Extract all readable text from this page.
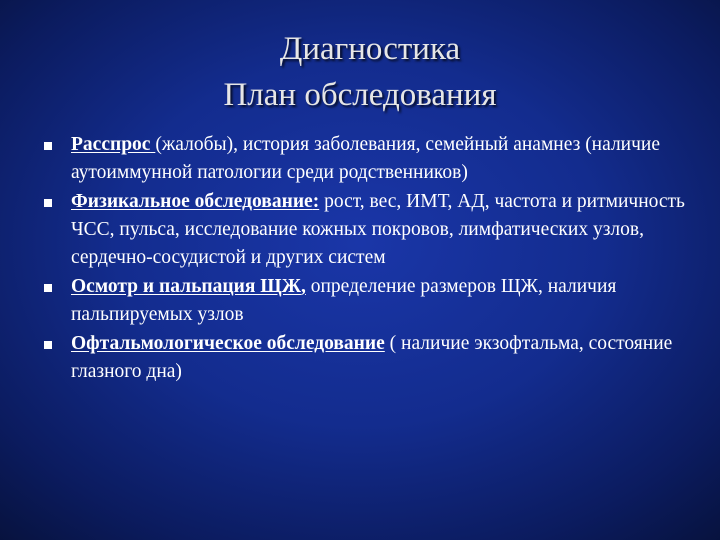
Диагностика
План обследования
Расспрос (жалобы), история заболевания, семейный анамнез (наличие аутоиммунной патологии среди родственников)
Физикальное обследование: рост, вес, ИМТ, АД, частота и ритмичность ЧСС, пульса, исследование кожных покровов, лимфатических узлов, сердечно-сосудистой и других систем
Осмотр и пальпация ЩЖ, определение размеров ЩЖ, наличия пальпируемых узлов
Офтальмологическое обследование ( наличие экзофтальма, состояние глазного дна)
